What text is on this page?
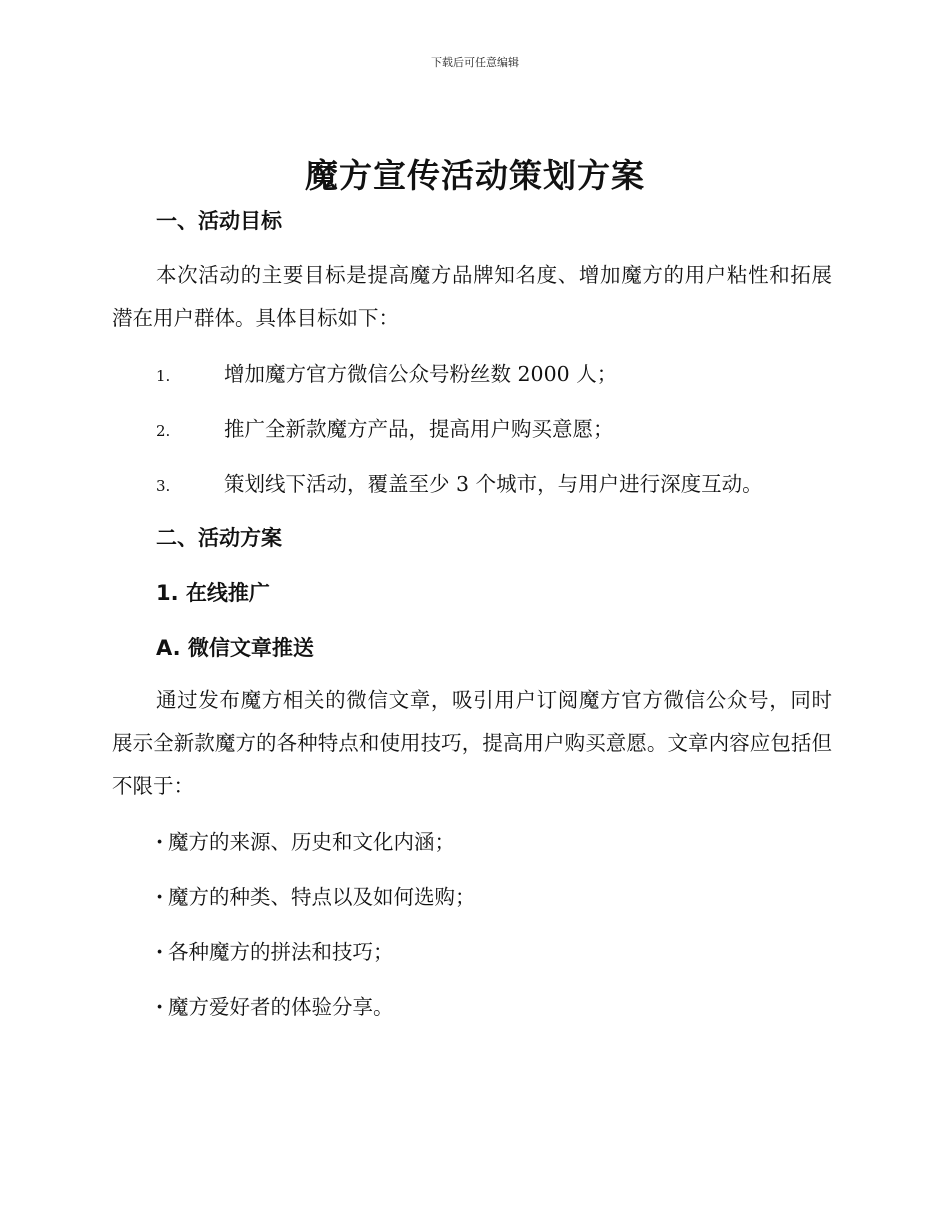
下载后可任意编辑
魔方宣传活动策划方案
一、活动目标
本次活动的主要目标是提高魔方品牌知名度、增加魔方的用户粘性和拓展潜在用户群体。具体目标如下：
1.	增加魔方官方微信公众号粉丝数 2000 人；
2.	推广全新款魔方产品，提高用户购买意愿；
3.	策划线下活动，覆盖至少 3 个城市，与用户进行深度互动。
二、活动方案
1. 在线推广
A. 微信文章推送
通过发布魔方相关的微信文章，吸引用户订阅魔方官方微信公众号，同时展示全新款魔方的各种特点和使用技巧，提高用户购买意愿。文章内容应包括但不限于：
· 魔方的来源、历史和文化内涵；
· 魔方的种类、特点以及如何选购；
· 各种魔方的拼法和技巧；
· 魔方爱好者的体验分享。
